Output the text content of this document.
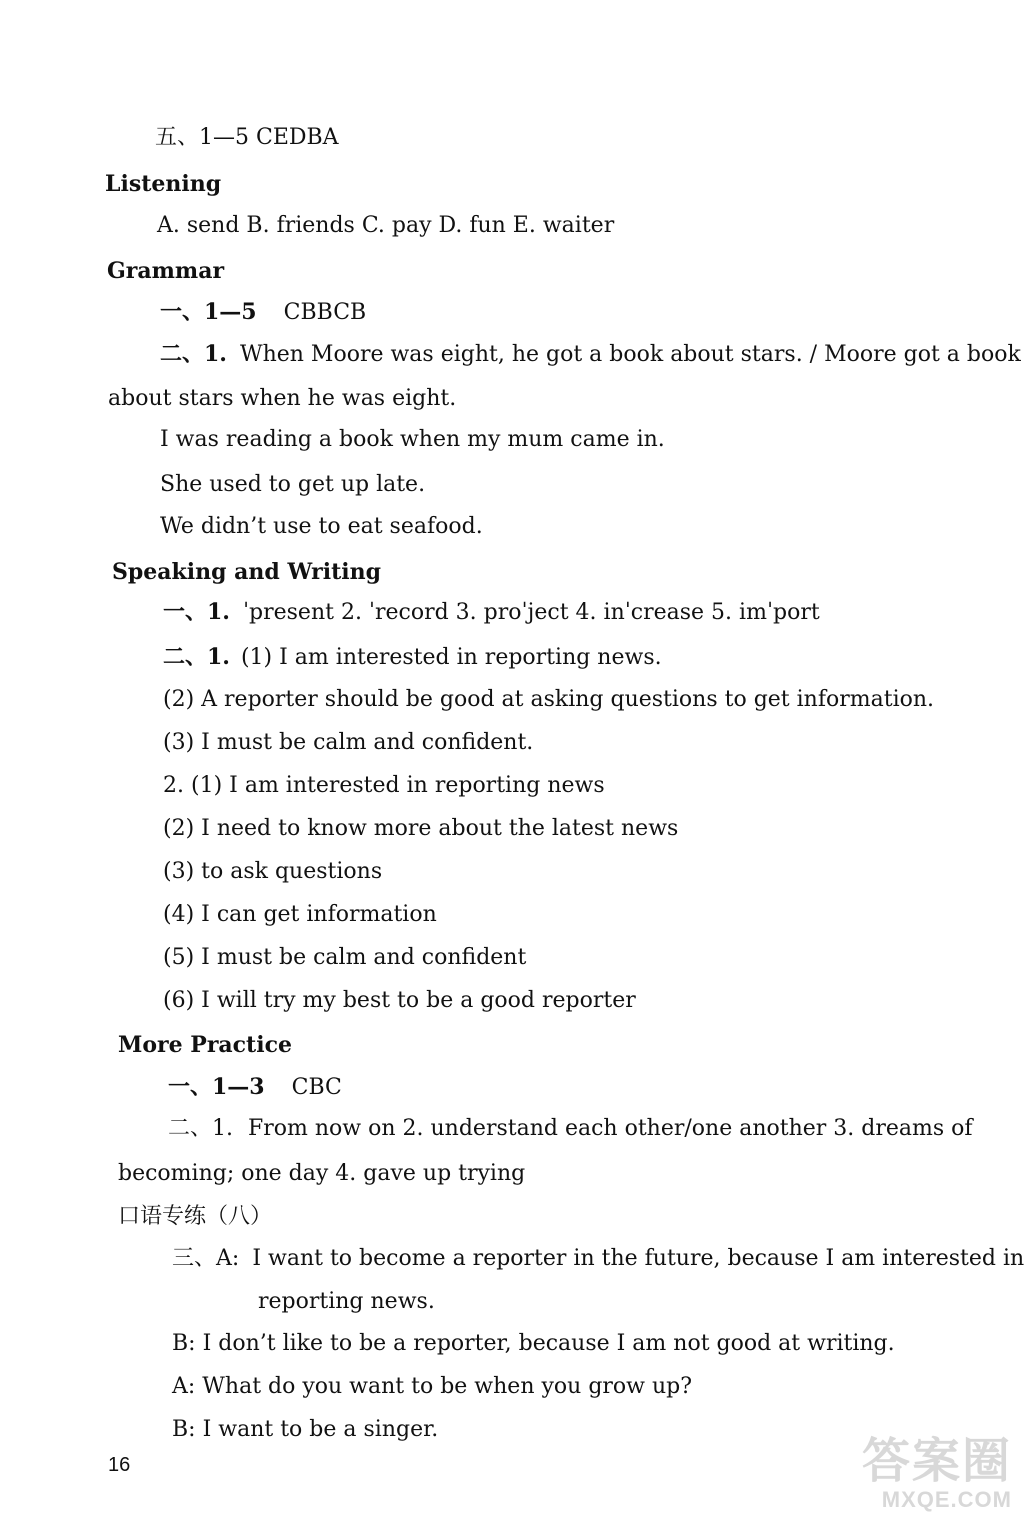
五、1—5 CEDBA
Listening
A. send B. friends C. pay D. fun E. waiter
Grammar
一、1—5 CBBCB
二、1. When Moore was eight, he got a book about stars. / Moore got a book
about stars when he was eight.
I was reading a book when my mum came in.
She used to get up late.
We didn’t use to eat seafood.
Speaking and Writing
一、1. ˈpresent 2. ˈrecord 3. proˈject 4. inˈcrease 5. imˈport
二、1. (1) I am interested in reporting news.
(2) A reporter should be good at asking questions to get information.
(3) I must be calm and confident.
2. (1) I am interested in reporting news
(2) I need to know more about the latest news
(3) to ask questions
(4) I can get information
(5) I must be calm and confident
(6) I will try my best to be a good reporter
More Practice
一、1—3 CBC
二、1. From now on 2. understand each other/one another 3. dreams of
becoming; one day 4. gave up trying
口语专练（八）
三、A: I want to become a reporter in the future, because I am interested in
reporting news.
B: I don’t like to be a reporter, because I am not good at writing.
A: What do you want to be when you grow up?
B: I want to be a singer.
16	答案圈
MXQE.COM
